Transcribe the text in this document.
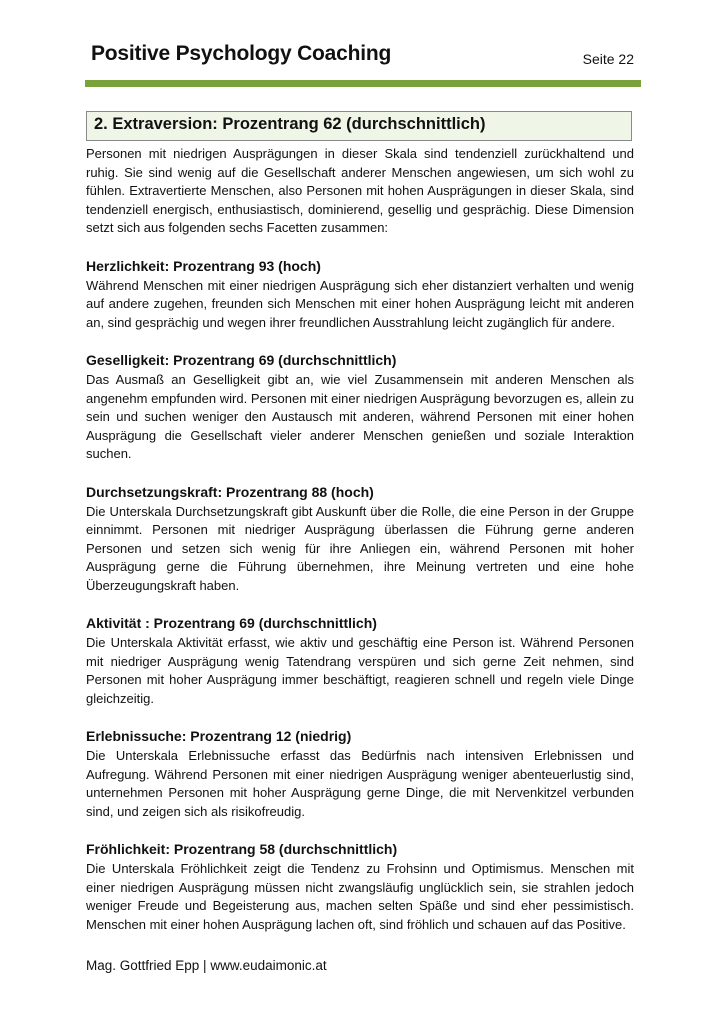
Positive Psychology Coaching	Seite 22
2. Extraversion: Prozentrang 62 (durchschnittlich)

Personen mit niedrigen Ausprägungen in dieser Skala sind tendenziell zurückhaltend und ruhig. Sie sind wenig auf die Gesellschaft anderer Menschen angewiesen, um sich wohl zu fühlen. Extravertierte Menschen, also Personen mit hohen Ausprägungen in dieser Skala, sind tendenziell energisch, enthusiastisch, dominierend, gesellig und gesprächig. Diese Dimension setzt sich aus folgenden sechs Facetten zusammen:

Herzlichkeit: Prozentrang 93 (hoch)

Während Menschen mit einer niedrigen Ausprägung sich eher distanziert verhalten und wenig auf andere zugehen, freunden sich Menschen mit einer hohen Ausprägung leicht mit anderen an, sind gesprächig und wegen ihrer freundlichen Ausstrahlung leicht zugänglich für andere.

Geselligkeit: Prozentrang 69 (durchschnittlich)

Das Ausmaß an Geselligkeit gibt an, wie viel Zusammensein mit anderen Menschen als angenehm empfunden wird. Personen mit einer niedrigen Ausprägung bevorzugen es, allein zu sein und suchen weniger den Austausch mit anderen, während Personen mit einer hohen Ausprägung die Gesellschaft vieler anderer Menschen genießen und soziale Interaktion suchen.

Durchsetzungskraft: Prozentrang 88 (hoch)

Die Unterskala Durchsetzungskraft gibt Auskunft über die Rolle, die eine Person in der Gruppe einnimmt. Personen mit niedriger Ausprägung überlassen die Führung gerne anderen Personen und setzen sich wenig für ihre Anliegen ein, während Personen mit hoher Ausprägung gerne die Führung übernehmen, ihre Meinung vertreten und eine hohe Überzeugungskraft haben.

Aktivität : Prozentrang 69 (durchschnittlich)

Die Unterskala Aktivität erfasst, wie aktiv und geschäftig eine Person ist. Während Personen mit niedriger Ausprägung wenig Tatendrang verspüren und sich gerne Zeit nehmen, sind Personen mit hoher Ausprägung immer beschäftigt, reagieren schnell und regeln viele Dinge gleichzeitig.

Erlebnissuche: Prozentrang 12 (niedrig)

Die Unterskala Erlebnissuche erfasst das Bedürfnis nach intensiven Erlebnissen und Aufregung. Während Personen mit einer niedrigen Ausprägung weniger abenteuerlustig sind, unternehmen Personen mit hoher Ausprägung gerne Dinge, die mit Nervenkitzel verbunden sind, und zeigen sich als risikofreudig.

Fröhlichkeit: Prozentrang 58 (durchschnittlich)

Die Unterskala Fröhlichkeit zeigt die Tendenz zu Frohsinn und Optimismus. Menschen mit einer niedrigen Ausprägung müssen nicht zwangsläufig unglücklich sein, sie strahlen jedoch weniger Freude und Begeisterung aus, machen selten Späße und sind eher pessimistisch. Menschen mit einer hohen Ausprägung lachen oft, sind fröhlich und schauen auf das Positive.

Mag. Gottfried Epp | www.eudaimonic.at
